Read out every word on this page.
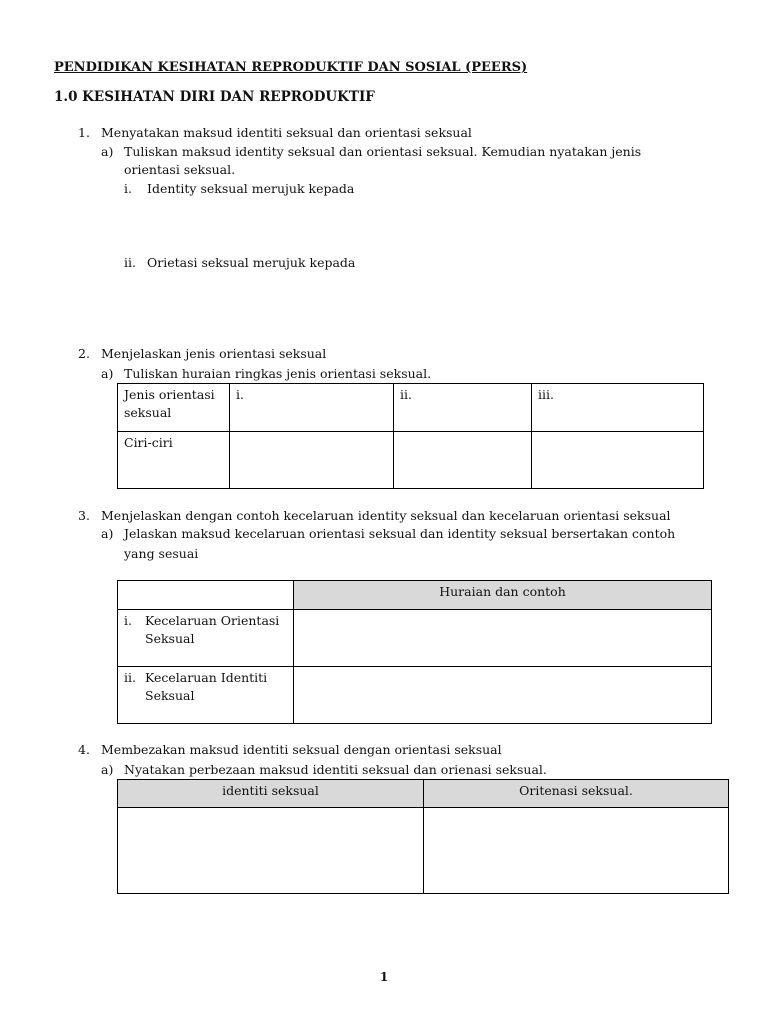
PENDIDIKAN KESIHATAN REPRODUKTIF DAN SOSIAL (PEERS)
1.0 KESIHATAN DIRI DAN REPRODUKTIF
1. Menyatakan maksud identiti seksual dan orientasi seksual
a) Tuliskan maksud identity seksual dan orientasi seksual. Kemudian nyatakan jenis
orientasi seksual.
i. Identity seksual merujuk kepada
ii. Orietasi seksual merujuk kepada
2. Menjelaskan jenis orientasi seksual
a) Tuliskan huraian ringkas jenis orientasi seksual.
Jenis orientasi
seksual	i.	ii.	iii.
Ciri-ciri			
3. Menjelaskan dengan contoh kecelaruan identity seksual dan kecelaruan orientasi seksual
a) Jelaskan maksud kecelaruan orientasi seksual dan identity seksual bersertakan contoh
yang sesuai
	Huraian dan contoh

i. Kecelaruan Orientasi
Seksual	

ii. Kecelaruan Identiti
Seksual	

4. Membezakan maksud identiti seksual dengan orientasi seksual
a) Nyatakan perbezaan maksud identiti seksual dan orienasi seksual.
identiti seksual	Oritenasi seksual.

1
